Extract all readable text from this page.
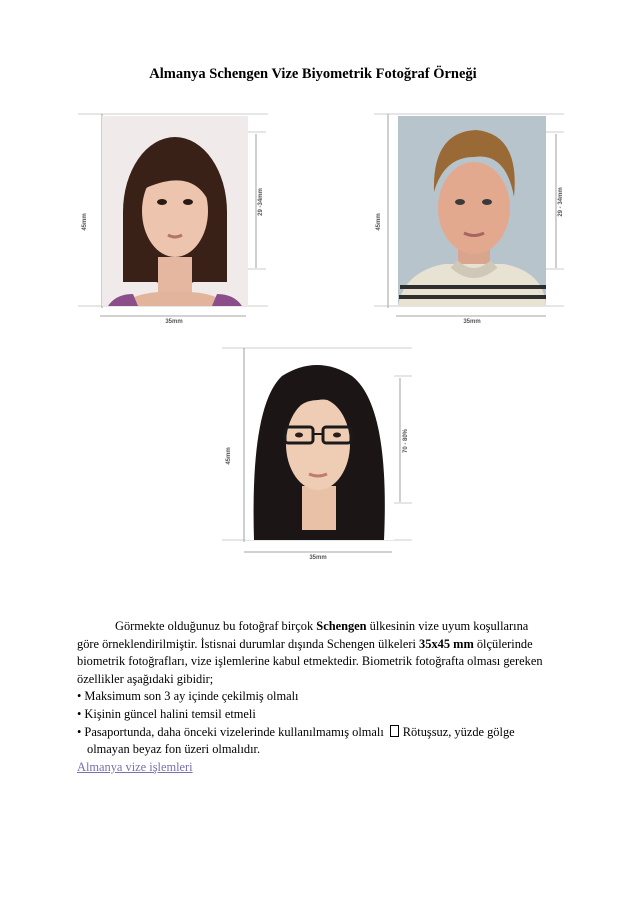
Almanya Schengen Vize Biyometrik Fotoğraf Örneği
45mm
29 -34mm
35mm
45mm
29 - 34mm
35mm
45mm
70 - 80%
35mm

Görmekte olduğunuz bu fotoğraf birçok Schengen ülkesinin vize uyum koşullarına göre örneklendirilmiştir. İstisnai durumlar dışında Schengen ülkeleri 35x45 mm ölçülerinde biometrik fotoğrafları, vize işlemlerine kabul etmektedir. Biometrik fotoğrafta olması gereken özellikler aşağıdaki gibidir;

• Maksimum son 3 ay içinde çekilmiş olmalı

• Kişinin güncel halini temsil etmeli

• Pasaportunda, daha önceki vizelerinde kullanılmamış olmalı Rötuşsuz, yüzde gölge olmayan beyaz fon üzeri olmalıdır.

Almanya vize işlemleri
